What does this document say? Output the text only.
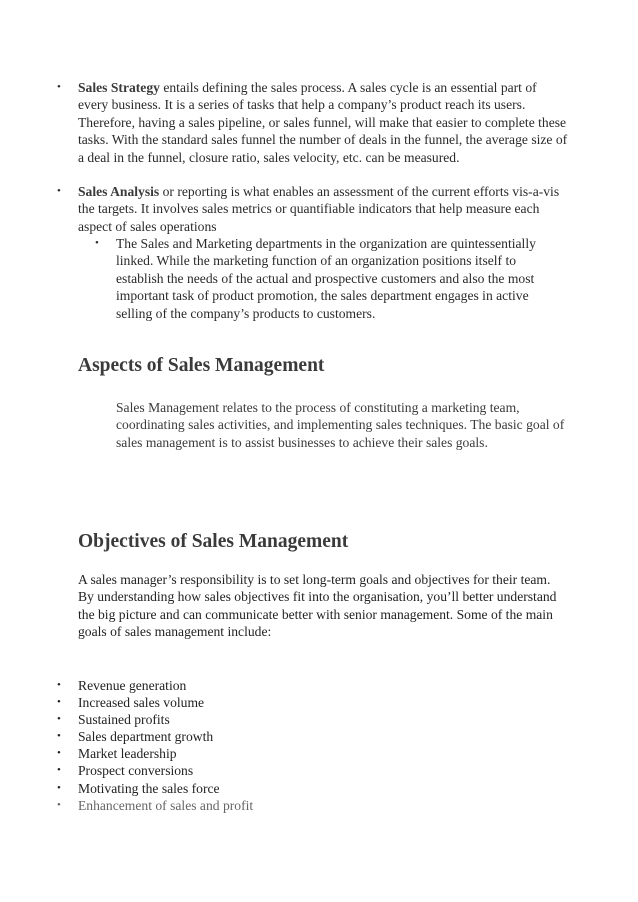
• Sales Strategy entails defining the sales process. A sales cycle is an essential part of every business. It is a series of tasks that help a company’s product reach its users. Therefore, having a sales pipeline, or sales funnel, will make that easier to complete these tasks. With the standard sales funnel the number of deals in the funnel, the average size of a deal in the funnel, closure ratio, sales velocity, etc. can be measured.
• Sales Analysis or reporting is what enables an assessment of the current efforts vis-a-vis the targets. It involves sales metrics or quantifiable indicators that help measure each aspect of sales operations
• The Sales and Marketing departments in the organization are quintessentially linked. While the marketing function of an organization positions itself to establish the needs of the actual and prospective customers and also the most important task of product promotion, the sales department engages in active selling of the company’s products to customers.
Aspects of Sales Management
Sales Management relates to the process of constituting a marketing team, coordinating sales activities, and implementing sales techniques. The basic goal of sales management is to assist businesses to achieve their sales goals.
Objectives of Sales Management
A sales manager’s responsibility is to set long-term goals and objectives for their team. By understanding how sales objectives fit into the organisation, you’ll better understand the big picture and can communicate better with senior management. Some of the main goals of sales management include:
• Revenue generation
• Increased sales volume
• Sustained profits
• Sales department growth
• Market leadership
• Prospect conversions
• Motivating the sales force
• Enhancement of sales and profit
